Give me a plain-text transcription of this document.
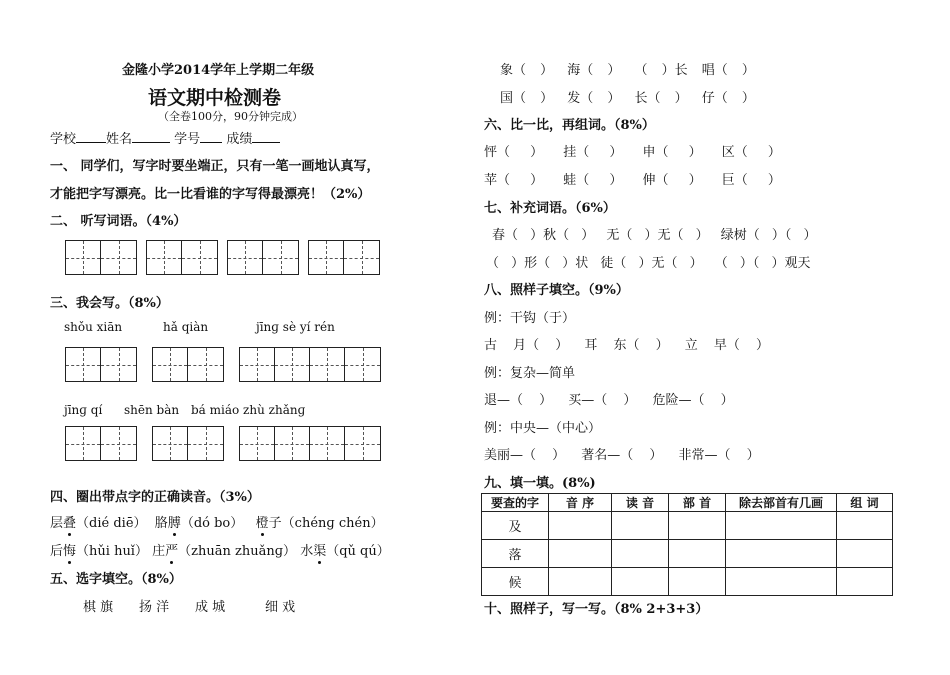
金隆小学2014学年上学期二年级
语文期中检测卷
（全卷100分，90分钟完成）
学校 姓名	学号 成绩
一、 同学们，写字时要坐端正，只有一笔一画地认真写，
才能把字写漂亮。比一比看谁的字写得最漂亮！（2%）
二、 听写词语。（4%）
三、我会写。（8%）
shǒu xiān	hǎ qiàn	jīnɡ sè yí rén
jīnɡ qí shēn bàn bá miáo zhù zhǎnɡ
四、圈出带点字的正确读音。（3%）
层叠（dié diē） 胳膊（dó bo） 橙子（chénɡ chén）
后悔（hǔi huǐ） 庄严（zhuān zhuǎnɡ） 水渠（qǔ qú）
五、选字填空。（8%）
棋 旗 扬 洋 成 城	细 戏
象（ ） 海（ ） （ ）长 唱（ ）
国（ ） 发（ ） 长（ ） 仔（ ）
六、比一比，再组词。（8%）
怦（ ） 挂（ ） 申（ ） 区（ ）
苹（ ） 蛙（ ） 伸（ ） 巨（ ）
七、补充词语。（6%）
春（ ）秋（ ） 无（ ）无（ ） 绿树（ ）（ ）
（ ）形（ ）状 徒（ ）无（ ） （ ）（ ）观天
八、照样子填空。（9%）
例：干钩（于）
古 月（ ） 耳 东（ ） 立 早（ ）
例：复杂—简单
退—（ ） 买—（ ） 危险—（ ）
例：中央—（中心）
美丽—（ ） 著名—（ ） 非常—（ ）
九、填一填。(8%)
要查的字	音 序	读 音	部 首	除去部首有几画	组 词
及					
落					
候					
十、照样子，写一写。（8% 2+3+3）
